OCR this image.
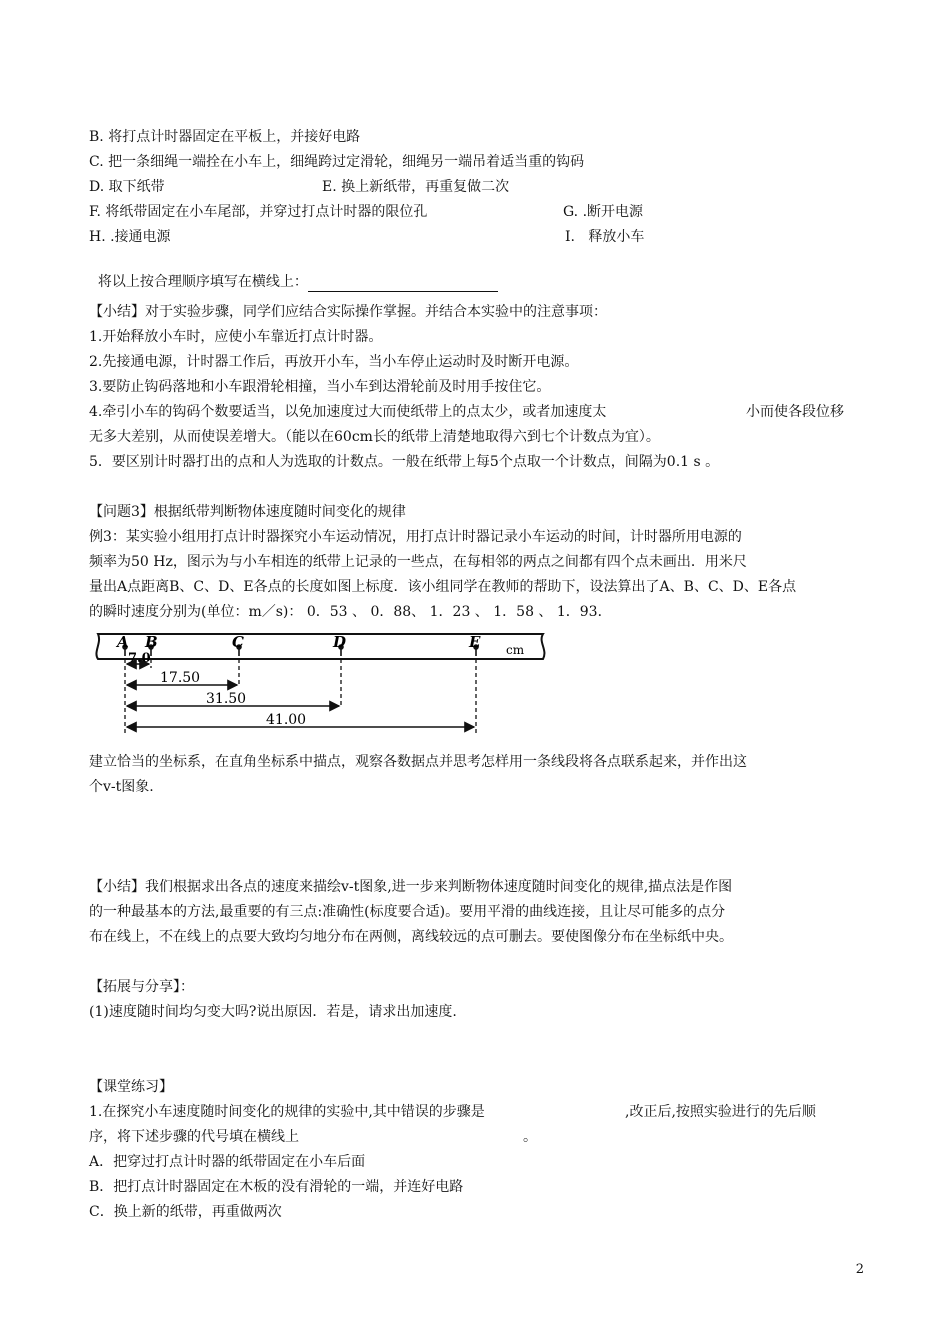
B. 将打点计时器固定在平板上，并接好电路
C. 把一条细绳一端拴在小车上，细绳跨过定滑轮，细绳另一端吊着适当重的钩码
D. 取下纸带	E. 换上新纸带，再重复做二次
F. 将纸带固定在小车尾部，并穿过打点计时器的限位孔	G. .断开电源
H. .接通电源	I.   释放小车

将以上按合理顺序填写在横线上：

【小结】对于实验步骤，同学们应结合实际操作掌握。并结合本实验中的注意事项：
1.开始释放小车时，应使小车靠近打点计时器。
2.先接通电源，计时器工作后，再放开小车，当小车停止运动时及时断开电源。
3.要防止钩码落地和小车跟滑轮相撞，当小车到达滑轮前及时用手按住它。
4.牵引小车的钩码个数要适当，以免加速度过大而使纸带上的点太少，或者加速度太	小而使各段位移
无多大差别，从而使误差增大。（能以在60cm长的纸带上清楚地取得六到七个计数点为宜）。
5．要区别计时器打出的点和人为选取的计数点。一般在纸带上每5个点取一个计数点，间隔为0.1 s 。
【问题3】根据纸带判断物体速度随时间变化的规律
例3：某实验小组用打点计时器探究小车运动情况，用打点计时器记录小车运动的时间，计时器所用电源的
频率为50 Hz，图示为与小车相连的纸带上记录的一些点，在每相邻的两点之间都有四个点未画出．用米尺
量出A点距离B、C、D、E各点的长度如图上标度．该小组同学在教师的帮助下，设法算出了A、B、C、D、E各点
的瞬时速度分别为(单位：m／s)： 0．53 、 0．88、 1．23 、 1．58 、 1．93．
A B	C	D	E cm
7.0
17.50
31.50
41.00
建立恰当的坐标系，在直角坐标系中描点，观察各数据点并思考怎样用一条线段将各点联系起来，并作出这
个v-t图象.
【小结】我们根据求出各点的速度来描绘v-t图象,进一步来判断物体速度随时间变化的规律,描点法是作图
的一种最基本的方法,最重要的有三点:准确性(标度要合适)。要用平滑的曲线连接，且让尽可能多的点分
布在线上，不在线上的点要大致均匀地分布在两侧，离线较远的点可删去。要使图像分布在坐标纸中央。
【拓展与分享】：
(1)速度随时间均匀变大吗?说出原因．若是，请求出加速度.
【课堂练习】
1.在探究小车速度随时间变化的规律的实验中,其中错误的步骤是	,改正后,按照实验进行的先后顺
序，将下述步骤的代号填在横线上	。
A．把穿过打点计时器的纸带固定在小车后面
B．把打点计时器固定在木板的没有滑轮的一端，并连好电路
C．换上新的纸带，再重做两次
2
